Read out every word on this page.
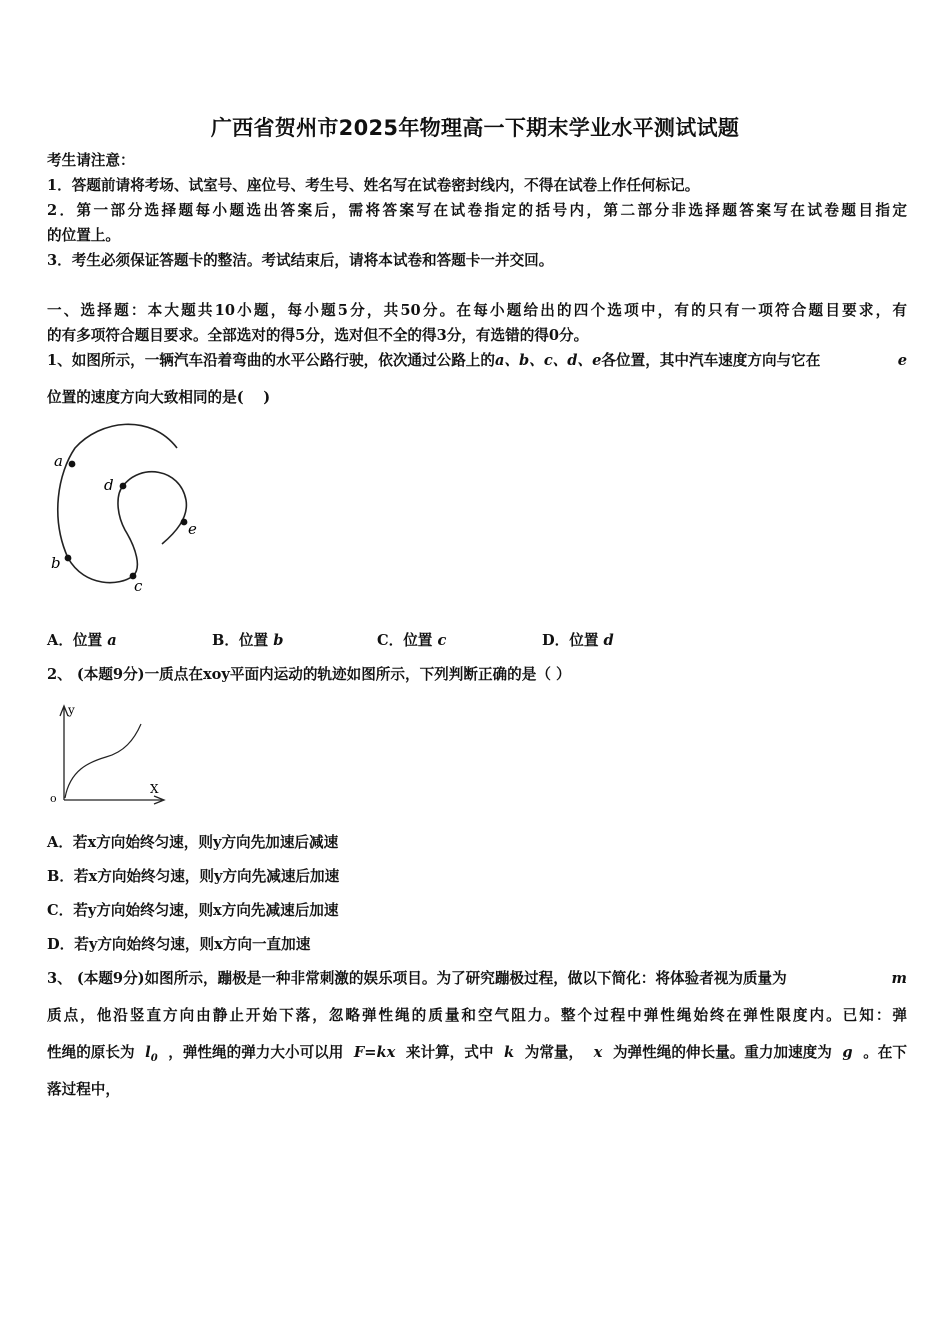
广西省贺州市2025年物理高一下期末学业水平测试试题
考生请注意：
1．答题前请将考场、试室号、座位号、考生号、姓名写在试卷密封线内，不得在试卷上作任何标记。
2．第一部分选择题每小题选出答案后，需将答案写在试卷指定的括号内，第二部分非选择题答案写在试卷题目指定
的位置上。
3．考生必须保证答题卡的整洁。考试结束后，请将本试卷和答题卡一并交回。
一、选择题：本大题共10小题，每小题5分，共50分。在每小题给出的四个选项中，有的只有一项符合题目要求，有
的有多项符合题目要求。全部选对的得5分，选对但不全的得3分，有选错的得0分。
1、如图所示，一辆汽车沿着弯曲的水平公路行驶，依次通过公路上的a、b、c、d、e各位置，其中汽车速度方向与它在	e
位置的速度方向大致相同的是(　 )
a
b
c
d
e
A．位置 a	B．位置 b	C．位置 c	D．位置 d
2、 (本题9分)一质点在xoy平面内运动的轨迹如图所示，下列判断正确的是（ ）
y
X
o
A．若x方向始终匀速，则y方向先加速后减速
B．若x方向始终匀速，则y方向先减速后加速
C．若y方向始终匀速，则x方向先减速后加速
D．若y方向始终匀速，则x方向一直加速
3、 (本题9分)如图所示，蹦极是一种非常刺激的娱乐项目。为了研究蹦极过程，做以下简化：将体验者视为质量为	m
质点，他沿竖直方向由静止开始下落，忽略弹性绳的质量和空气阻力。整个过程中弹性绳始终在弹性限度内。已知：弹
性绳的原长为 $l_0$ ，弹性绳的弹力大小可以用 F=kx 来计算，式中 k 为常量， x 为弹性绳的伸长量。重力加速度为 g 。在下
落过程中，
